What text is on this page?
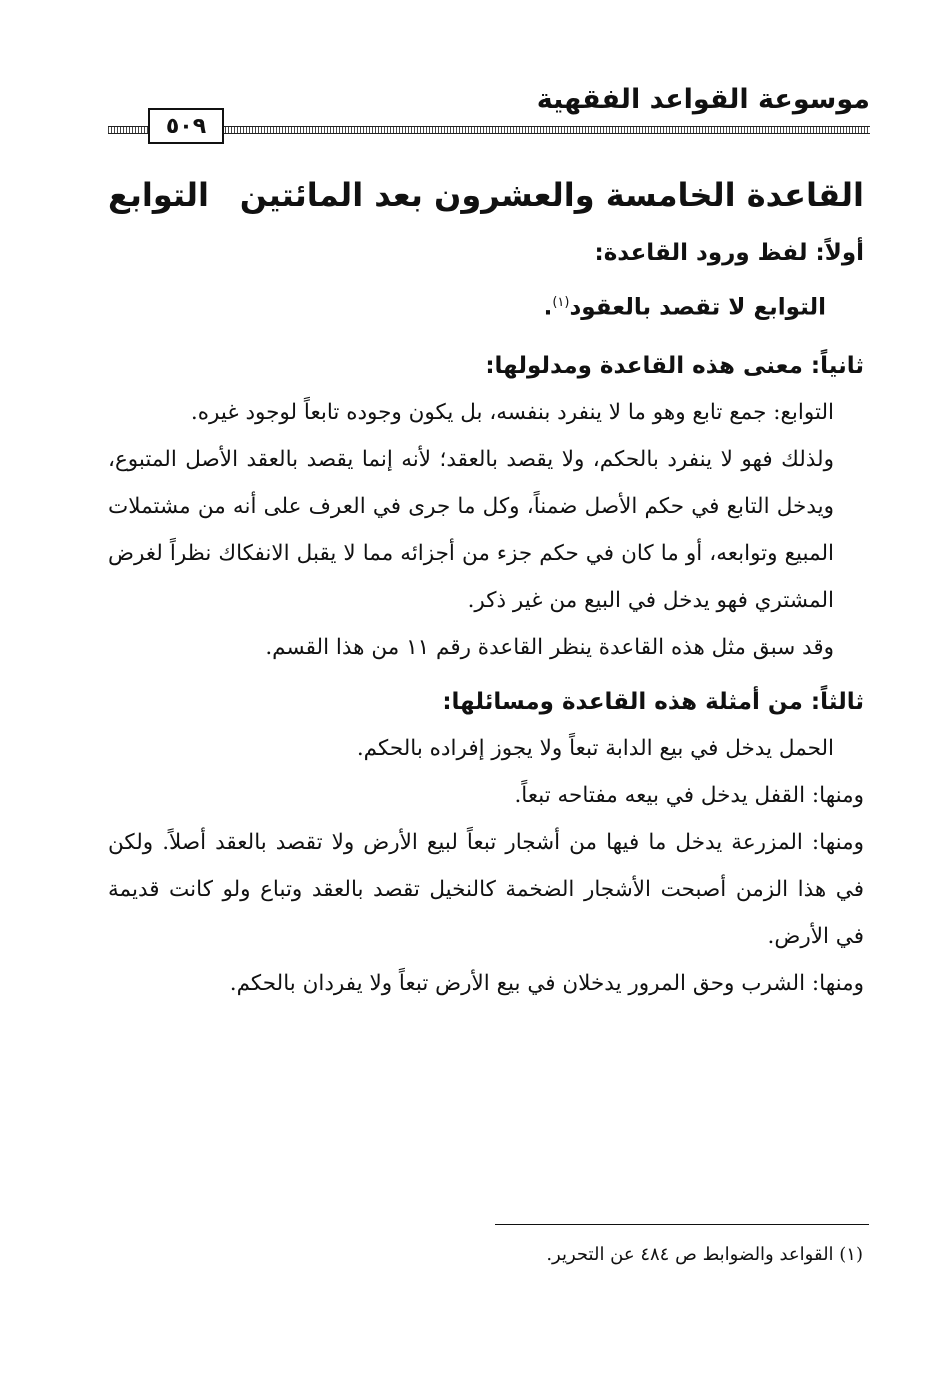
موسوعة القواعد الفقهية
٥٠٩
القاعدة الخامسة والعشرون بعد المائتين
التوابع
أولاً: لفظ ورود القاعدة:
التوابع لا تقصد بالعقود$^{(١)}$.
ثانياً: معنى هذه القاعدة ومدلولها:

التوابع: جمع تابع وهو ما لا ينفرد بنفسه، بل يكون وجوده تابعاً لوجود غيره.

ولذلك فهو لا ينفرد بالحكم، ولا يقصد بالعقد؛ لأنه إنما يقصد بالعقد الأصل المتبوع، ويدخل التابع في حكم الأصل ضمناً، وكل ما جرى في العرف على أنه من مشتملات المبيع وتوابعه، أو ما كان في حكم جزء من أجزائه مما لا يقبل الانفكاك نظراً لغرض المشتري فهو يدخل في البيع من غير ذكر.

وقد سبق مثل هذه القاعدة ينظر القاعدة رقم ١١ من هذا القسم.

ثالثاً: من أمثلة هذه القاعدة ومسائلها:

الحمل يدخل في بيع الدابة تبعاً ولا يجوز إفراده بالحكم.

ومنها: القفل يدخل في بيعه مفتاحه تبعاً.

ومنها: المزرعة يدخل ما فيها من أشجار تبعاً لبيع الأرض ولا تقصد بالعقد أصلاً. ولكن في هذا الزمن أصبحت الأشجار الضخمة كالنخيل تقصد بالعقد وتباع ولو كانت قديمة في الأرض.

ومنها: الشرب وحق المرور يدخلان في بيع الأرض تبعاً ولا يفردان بالحكم.

(١) القواعد والضوابط ص ٤٨٤ عن التحرير.
